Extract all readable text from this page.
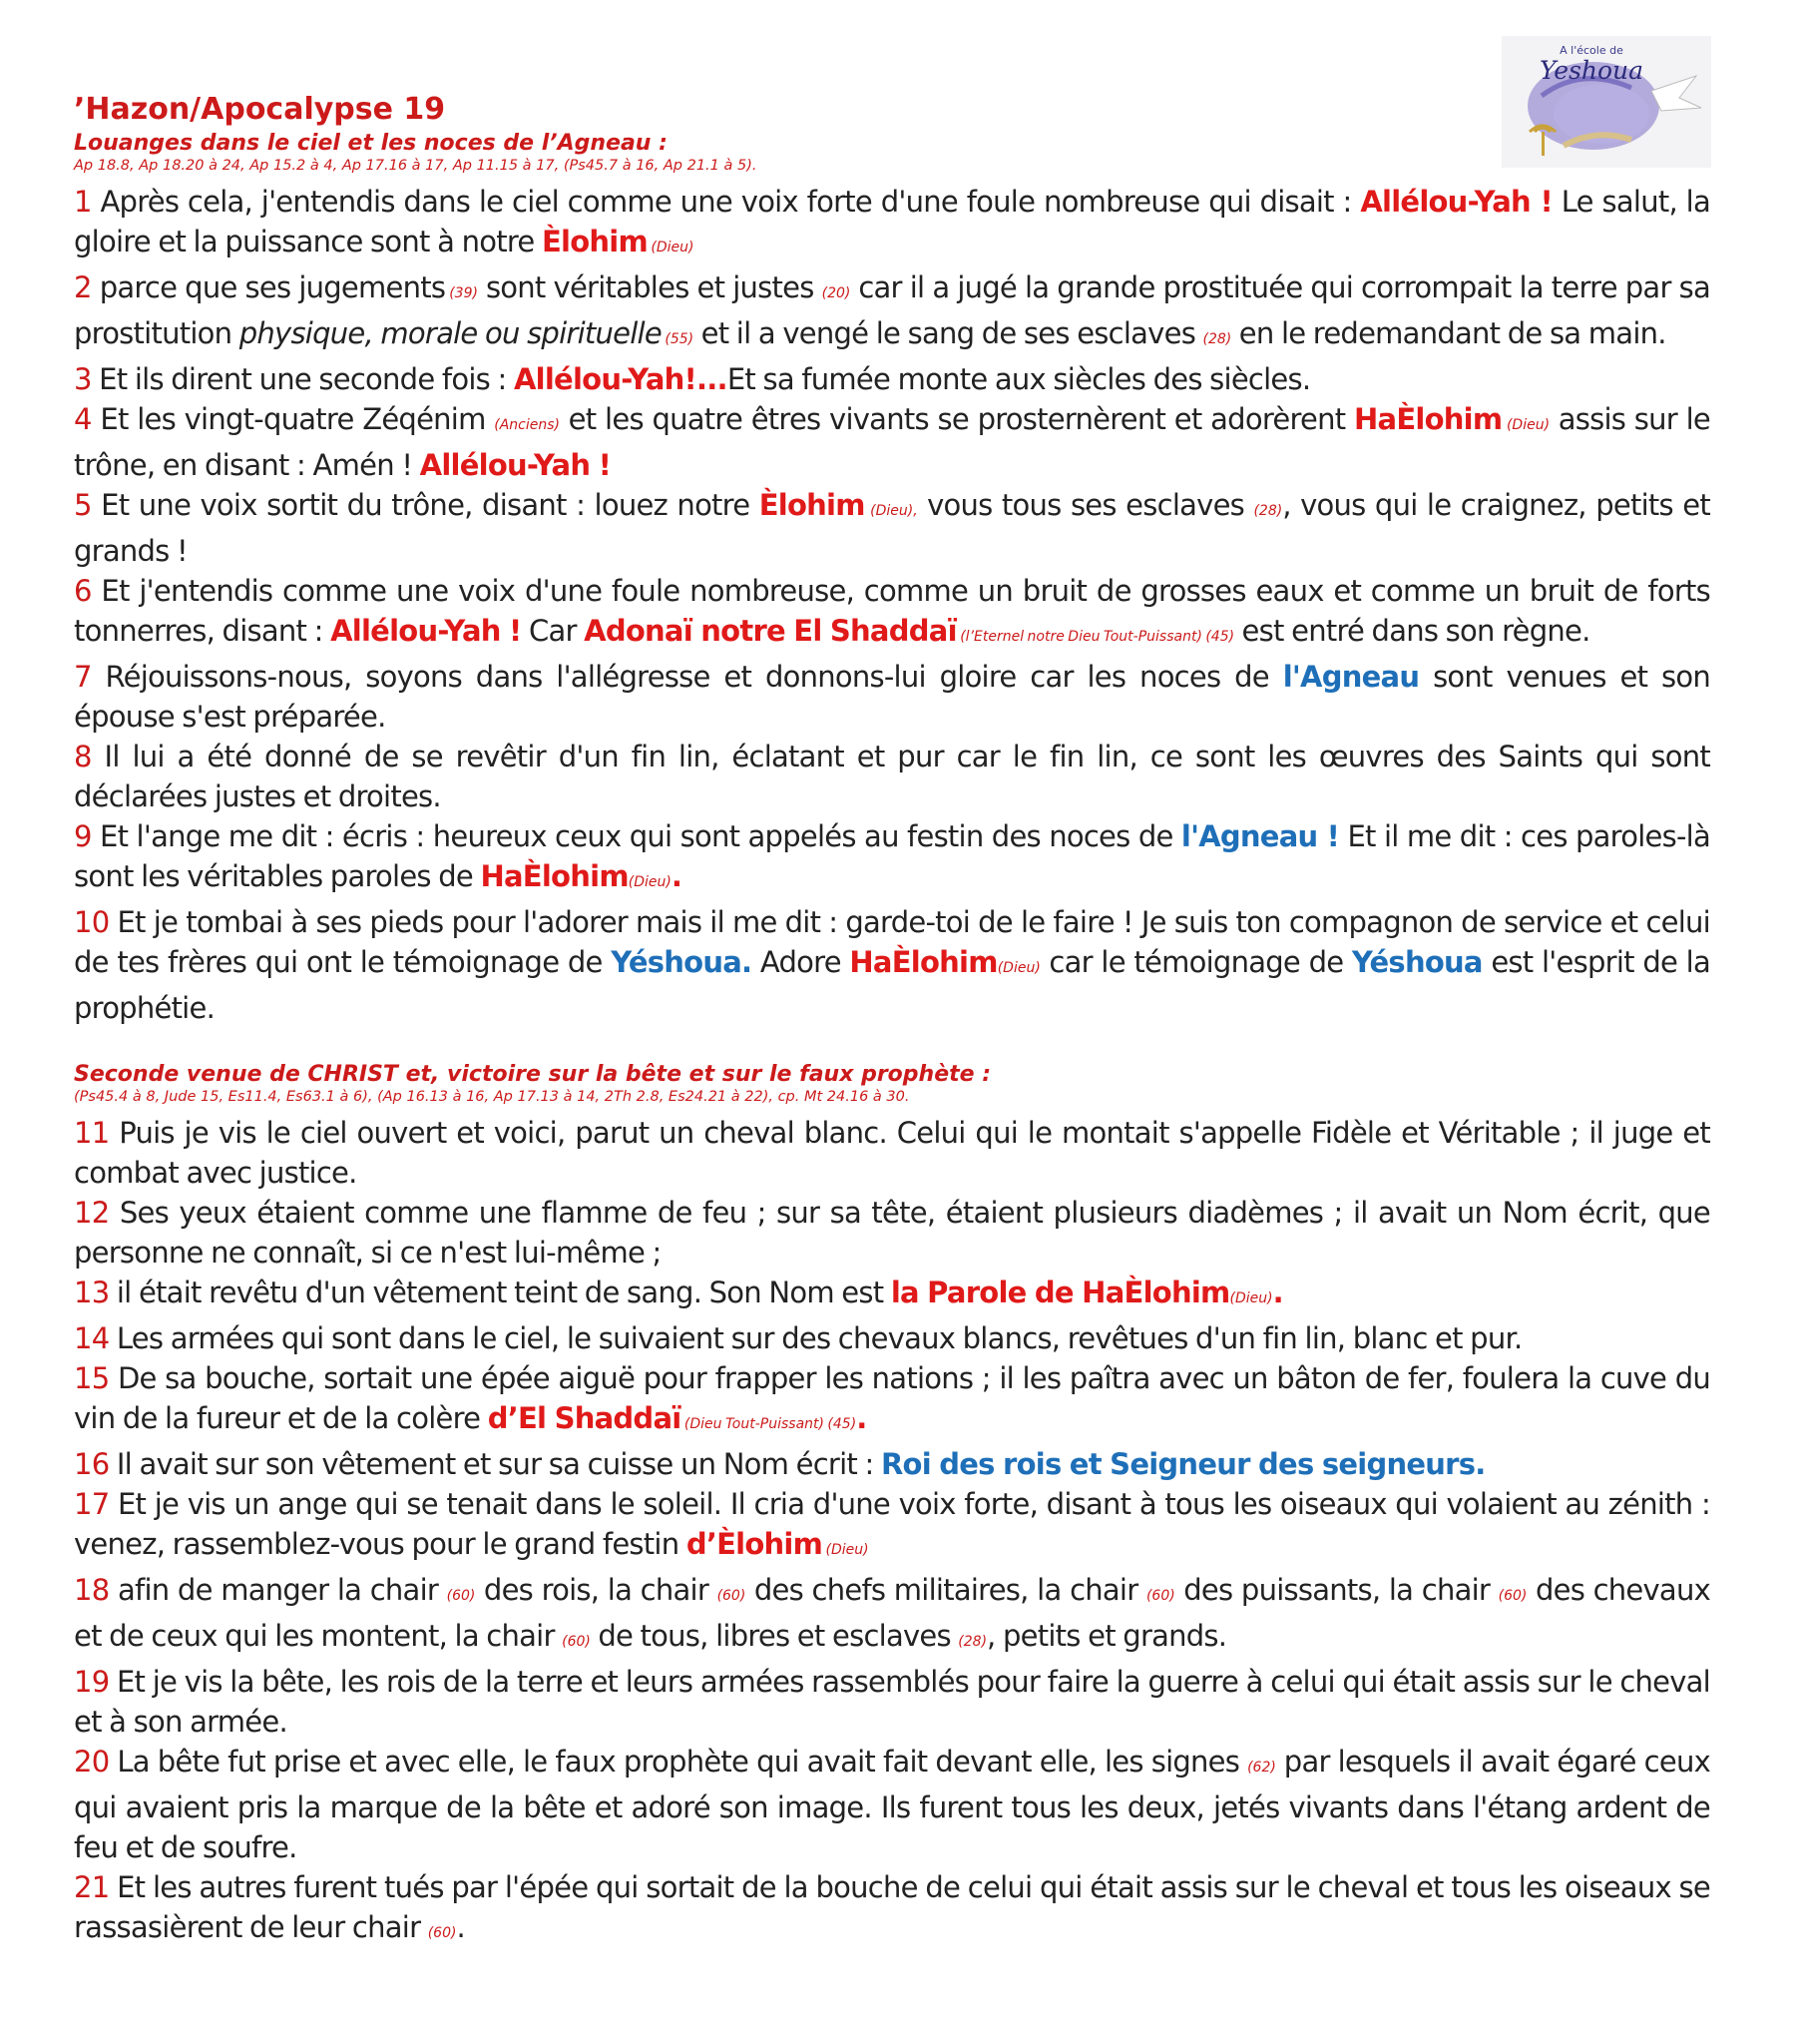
A l'école de
Yeshoua
’Hazon/Apocalypse 19
Louanges dans le ciel et les noces de l’Agneau :
Ap 18.8, Ap 18.20 à 24, Ap 15.2 à 4, Ap 17.16 à 17, Ap 11.15 à 17, (Ps45.7 à 16, Ap 21.1 à 5).
1 Après cela, j'entendis dans le ciel comme une voix forte d'une foule nombreuse qui disait : Allélou-Yah ! Le salut, la gloire et la puissance sont à notre Èlohim (Dieu)
2 parce que ses jugements (39) sont véritables et justes (20) car il a jugé la grande prostituée qui corrompait la terre par sa prostitution physique, morale ou spirituelle (55) et il a vengé le sang de ses esclaves (28) en le redemandant de sa main.
3 Et ils dirent une seconde fois : Allélou-Yah!...Et sa fumée monte aux siècles des siècles.
4 Et les vingt-quatre Zéqénim (Anciens) et les quatre êtres vivants se prosternèrent et adorèrent HaÈlohim (Dieu) assis sur le trône, en disant : Amén ! Allélou-Yah !
5 Et une voix sortit du trône, disant : louez notre Èlohim (Dieu), vous tous ses esclaves (28), vous qui le craignez, petits et grands !
6 Et j'entendis comme une voix d'une foule nombreuse, comme un bruit de grosses eaux et comme un bruit de forts tonnerres, disant : Allélou-Yah ! Car Adonaï notre El Shaddaï (l’Eternel notre Dieu Tout-Puissant) (45) est entré dans son règne.
7 Réjouissons-nous, soyons dans l'allégresse et donnons-lui gloire car les noces de l'Agneau sont venues et son épouse s'est préparée.
8 Il lui a été donné de se revêtir d'un fin lin, éclatant et pur car le fin lin, ce sont les œuvres des Saints qui sont déclarées justes et droites.
9 Et l'ange me dit : écris : heureux ceux qui sont appelés au festin des noces de l'Agneau ! Et il me dit : ces paroles-là sont les véritables paroles de HaÈlohim(Dieu).
10 Et je tombai à ses pieds pour l'adorer mais il me dit : garde-toi de le faire ! Je suis ton compagnon de service et celui de tes frères qui ont le témoignage de Yéshoua. Adore HaÈlohim(Dieu) car le témoignage de Yéshoua est l'esprit de la prophétie.
Seconde venue de CHRIST et, victoire sur la bête et sur le faux prophète :
(Ps45.4 à 8, Jude 15, Es11.4, Es63.1 à 6), (Ap 16.13 à 16, Ap 17.13 à 14, 2Th 2.8, Es24.21 à 22), cp. Mt 24.16 à 30.
11 Puis je vis le ciel ouvert et voici, parut un cheval blanc. Celui qui le montait s'appelle Fidèle et Véritable ; il juge et combat avec justice.
12 Ses yeux étaient comme une flamme de feu ; sur sa tête, étaient plusieurs diadèmes ; il avait un Nom écrit, que personne ne connaît, si ce n'est lui-même ;
13 il était revêtu d'un vêtement teint de sang. Son Nom est la Parole de HaÈlohim(Dieu).
14 Les armées qui sont dans le ciel, le suivaient sur des chevaux blancs, revêtues d'un fin lin, blanc et pur.
15 De sa bouche, sortait une épée aiguë pour frapper les nations ; il les paîtra avec un bâton de fer, foulera la cuve du vin de la fureur et de la colère d’El Shaddaï (Dieu Tout-Puissant) (45).
16 Il avait sur son vêtement et sur sa cuisse un Nom écrit : Roi des rois et Seigneur des seigneurs.
17 Et je vis un ange qui se tenait dans le soleil. Il cria d'une voix forte, disant à tous les oiseaux qui volaient au zénith : venez, rassemblez-vous pour le grand festin d’Èlohim (Dieu)
18 afin de manger la chair (60) des rois, la chair (60) des chefs militaires, la chair (60) des puissants, la chair (60) des chevaux et de ceux qui les montent, la chair (60) de tous, libres et esclaves (28), petits et grands.
19 Et je vis la bête, les rois de la terre et leurs armées rassemblés pour faire la guerre à celui qui était assis sur le cheval et à son armée.
20 La bête fut prise et avec elle, le faux prophète qui avait fait devant elle, les signes (62) par lesquels il avait égaré ceux qui avaient pris la marque de la bête et adoré son image. Ils furent tous les deux, jetés vivants dans l'étang ardent de feu et de soufre.
21 Et les autres furent tués par l'épée qui sortait de la bouche de celui qui était assis sur le cheval et tous les oiseaux se rassasièrent de leur chair (60).
